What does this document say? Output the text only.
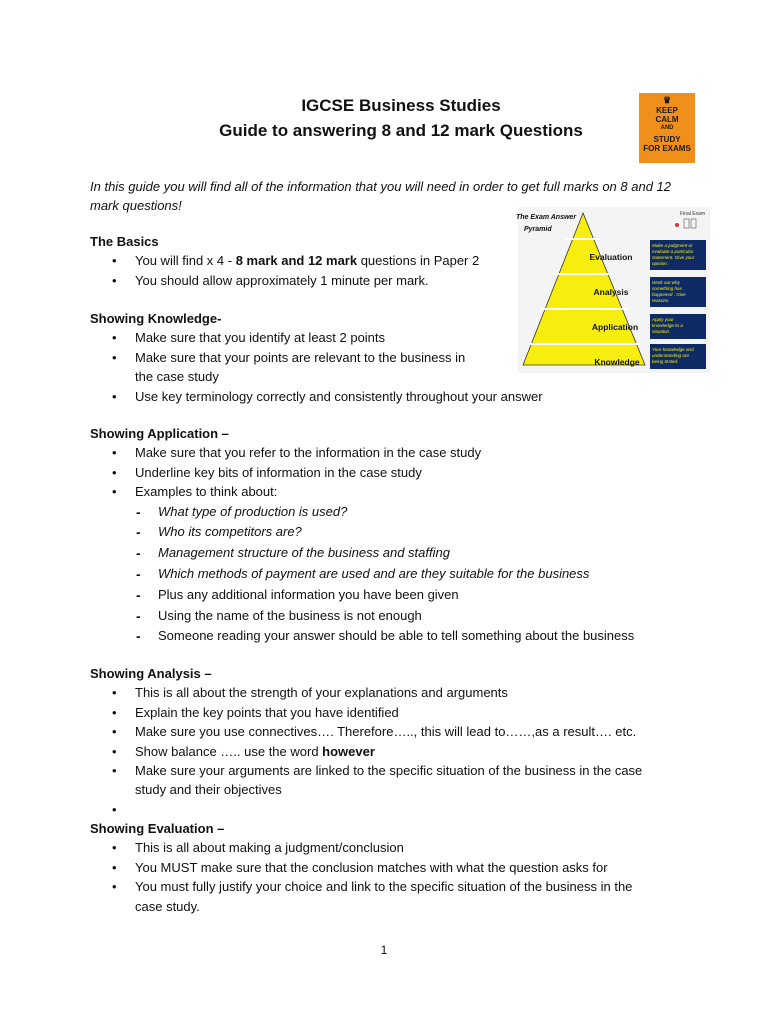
IGCSE Business Studies
Guide to answering 8 and 12 mark Questions
♛
KEEP
CALM
AND
STUDY
FOR EXAMS
In this guide you will find all of the information that you will need in order to get full marks on 8 and 12 mark questions!
The Exam Answer
Pyramid
Final Exam
Evaluation
Analysis
Application
Knowledge
Make a judgment or evaluate a particular statement. Give your opinion.
Work out why something has happened . Give reasons.
Apply your knowledge to a situation.
Your knowledge and understanding are being tested.
The Basics
• You will find x 4 - 8 mark and 12 mark questions in Paper 2
• You should allow approximately 1 minute per mark.
Showing Knowledge-
• Make sure that you identify at least 2 points
• Make sure that your points are relevant to the business in
the case study
• Use key terminology correctly and consistently throughout your answer
Showing Application –
• Make sure that you refer to the information in the case study
• Underline key bits of information in the case study
• Examples to think about:
- What type of production is used?
- Who its competitors are?
- Management structure of the business and staffing
- Which methods of payment are used and are they suitable for the business
- Plus any additional information you have been given
- Using the name of the business is not enough
- Someone reading your answer should be able to tell something about the business
Showing Analysis –
• This is all about the strength of your explanations and arguments
• Explain the key points that you have identified
• Make sure you use connectives…. Therefore….., this will lead to……,as a result…. etc.
• Show balance ….. use the word however
• Make sure your arguments are linked to the specific situation of the business in the case
study and their objectives
•
Showing Evaluation –
• This is all about making a judgment/conclusion
• You MUST make sure that the conclusion matches with what the question asks for
• You must fully justify your choice and link to the specific situation of the business in the
case study.
1
